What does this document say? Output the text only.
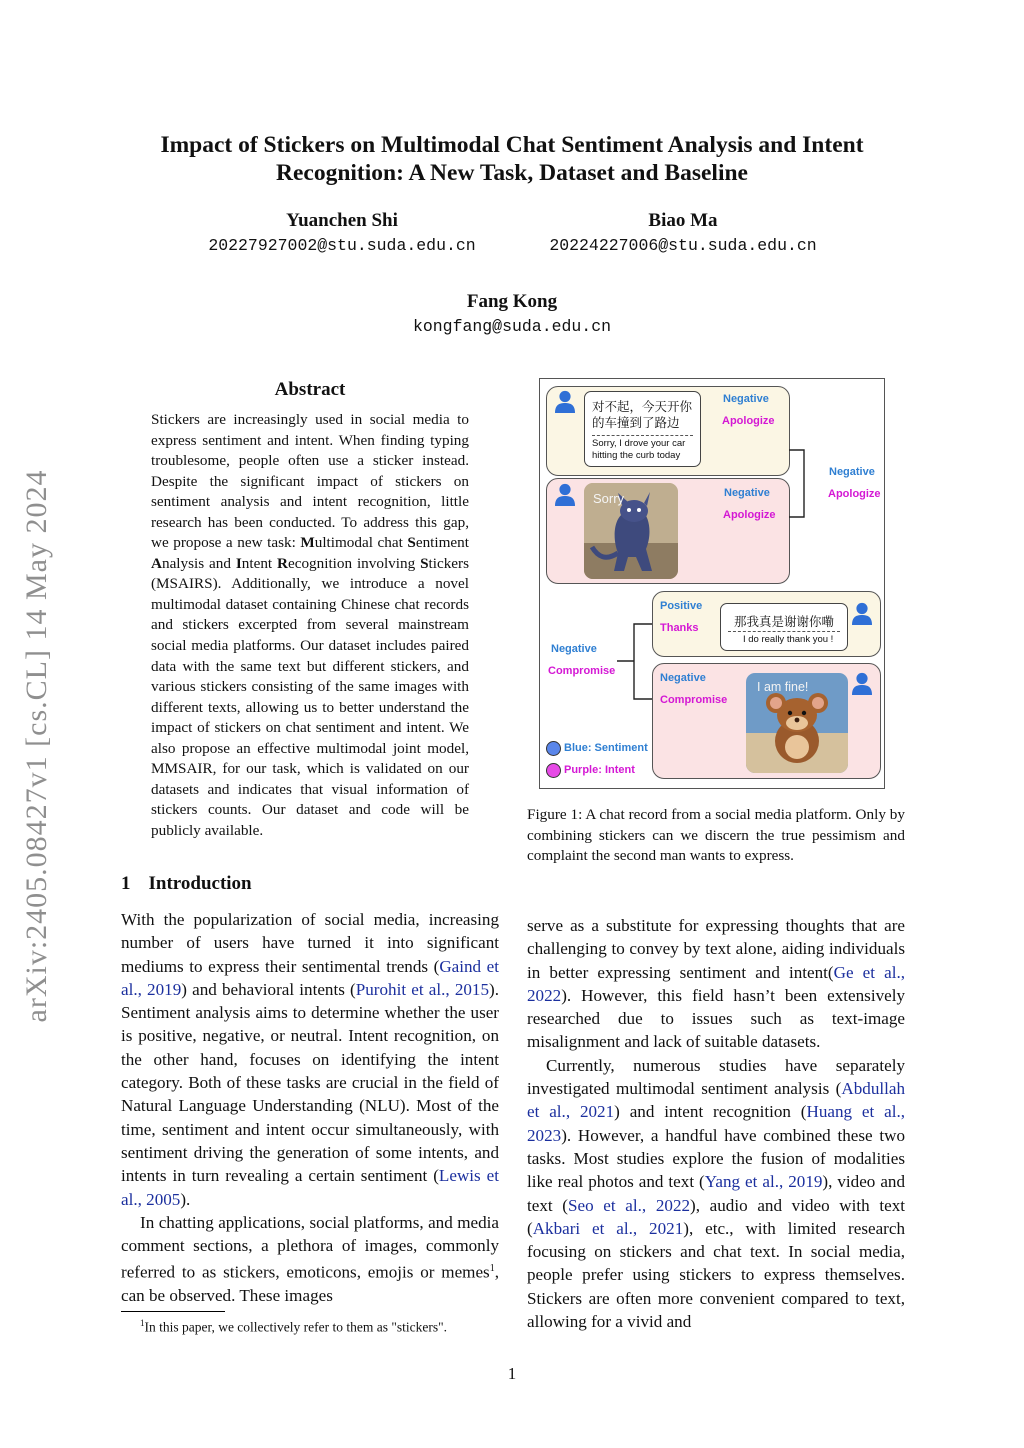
arXiv:2405.08427v1 [cs.CL] 14 May 2024
Impact of Stickers on Multimodal Chat Sentiment Analysis and Intent
Recognition: A New Task, Dataset and Baseline
Yuanchen Shi
20227927002@stu.suda.edu.cn
Biao Ma
20224227006@stu.suda.edu.cn
Fang Kong
kongfang@suda.edu.cn
Abstract
Stickers are increasingly used in social media to express sentiment and intent. When finding typing troublesome, people often use a sticker instead. Despite the significant impact of stickers on sentiment analysis and intent recognition, little research has been conducted. To address this gap, we propose a new task: Multimodal chat Sentiment Analysis and Intent Recognition involving Stickers (MSAIRS). Additionally, we introduce a novel multimodal dataset containing Chinese chat records and stickers excerpted from several mainstream social media platforms. Our dataset includes paired data with the same text but different stickers, and various stickers consisting of the same images with different texts, allowing us to better understand the impact of stickers on chat sentiment and intent. We also propose an effective multimodal joint model, MMSAIR, for our task, which is validated on our datasets and indicates that visual information of stickers counts. Our dataset and code will be publicly available.
1 Introduction

With the popularization of social media, increasing number of users have turned it into significant mediums to express their sentimental trends (Gaind et al., 2019) and behavioral intents (Purohit et al., 2015). Sentiment analysis aims to determine whether the user is positive, negative, or neutral. Intent recognition, on the other hand, focuses on identifying the intent category. Both of these tasks are crucial in the field of Natural Language Understanding (NLU). Most of the time, sentiment and intent occur simultaneously, with sentiment driving the generation of some intents, and intents in turn revealing a certain sentiment (Lewis et al., 2005).

In chatting applications, social platforms, and media comment sections, a plethora of images, commonly referred to as stickers, emoticons, emojis or memes$^1$, can be observed. These images

$^1$In this paper, we collectively refer to them as "stickers".
对不起，今天开你
的车撞到了路边
Sorry, I drove your car
hitting the curb today
Negative
Apologize
Sorry	Negative
Apologize
Negative
Apologize
Positive
Thanks	那我真是谢谢你嘞
I do really thank you !
Negative
Compromise
I am fine!
Negative
Compromise
Blue: Sentiment
Purple: Intent
Figure 1: A chat record from a social media platform. Only by combining stickers can we discern the true pessimism and complaint the second man wants to express.

serve as a substitute for expressing thoughts that are challenging to convey by text alone, aiding individuals in better expressing sentiment and intent(Ge et al., 2022). However, this field hasn’t been extensively researched due to issues such as text-image misalignment and lack of suitable datasets.

Currently, numerous studies have separately investigated multimodal sentiment analysis (Abdullah et al., 2021) and intent recognition (Huang et al., 2023). However, a handful have combined these two tasks. Most studies explore the fusion of modalities like real photos and text (Yang et al., 2019), video and text (Seo et al., 2022), audio and video with text (Akbari et al., 2021), etc., with limited research focusing on stickers and chat text. In social media, people prefer using stickers to express themselves. Stickers are often more convenient compared to text, allowing for a vivid and

1
